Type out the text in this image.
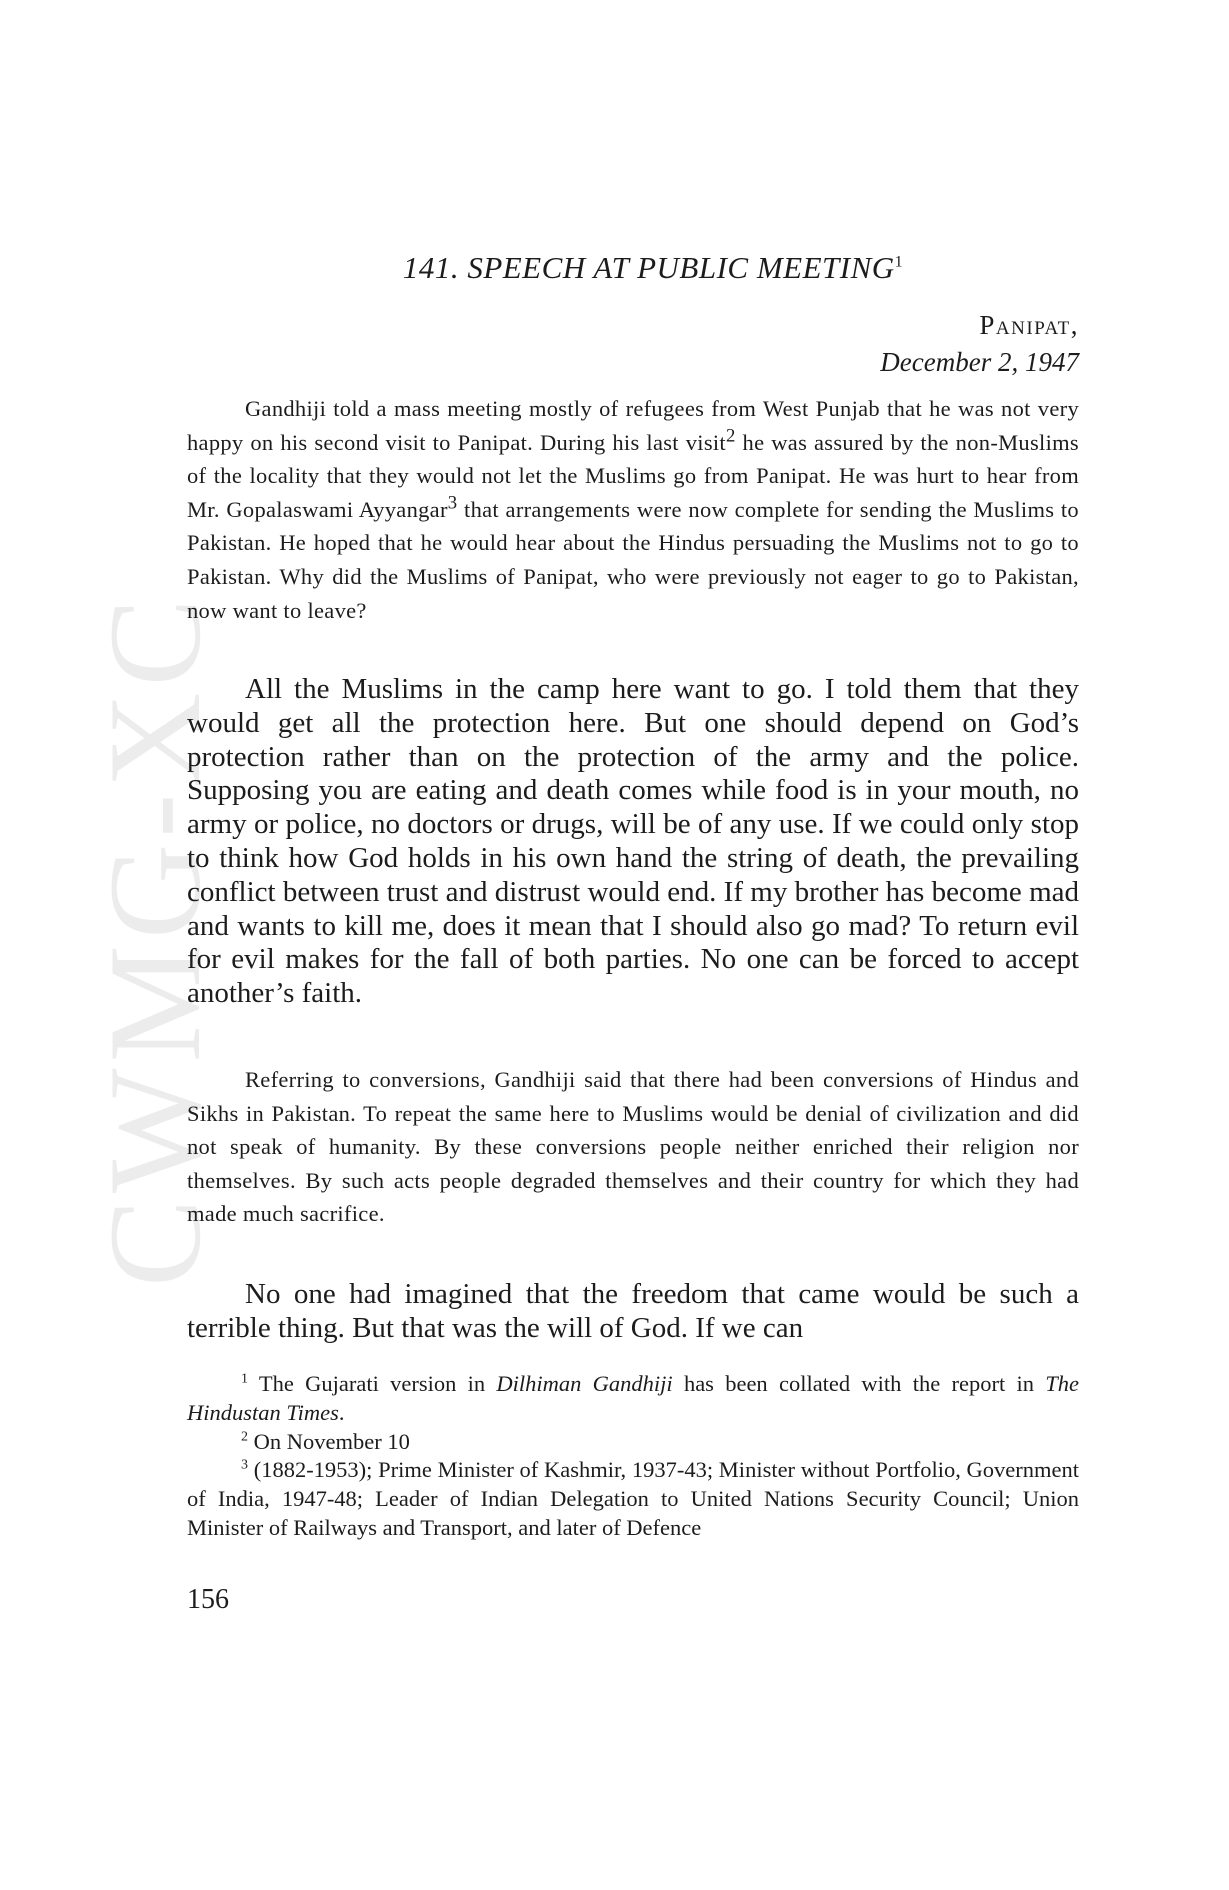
CWMG-XC
141. SPEECH AT PUBLIC MEETING$^1$
Panipat,
December 2, 1947

Gandhiji told a mass meeting mostly of refugees from West Punjab that he was not very happy on his second visit to Panipat. During his last visit$^2$ he was assured by the non-Muslims of the locality that they would not let the Muslims go from Panipat. He was hurt to hear from Mr. Gopalaswami Ayyangar$^3$ that arrangements were now complete for sending the Muslims to Pakistan. He hoped that he would hear about the Hindus persuading the Muslims not to go to Pakistan. Why did the Muslims of Panipat, who were previously not eager to go to Pakistan, now want to leave?

All the Muslims in the camp here want to go. I told them that they would get all the protection here. But one should depend on God’s protection rather than on the protection of the army and the police. Supposing you are eating and death comes while food is in your mouth, no army or police, no doctors or drugs, will be of any use. If we could only stop to think how God holds in his own hand the string of death, the prevailing conflict between trust and distrust would end. If my brother has become mad and wants to kill me, does it mean that I should also go mad? To return evil for evil makes for the fall of both parties. No one can be forced to accept another’s faith.

Referring to conversions, Gandhiji said that there had been conversions of Hindus and Sikhs in Pakistan. To repeat the same here to Muslims would be denial of civilization and did not speak of humanity. By these conversions people neither enriched their religion nor themselves. By such acts people degraded themselves and their country for which they had made much sacrifice.

No one had imagined that the freedom that came would be such a terrible thing. But that was the will of God. If we can

$^1$ The Gujarati version in Dilhiman Gandhiji has been collated with the report in The Hindustan Times.

$^2$ On November 10

$^3$ (1882-1953); Prime Minister of Kashmir, 1937-43; Minister without Portfolio, Government of India, 1947-48; Leader of Indian Delegation to United Nations Security Council; Union Minister of Railways and Transport, and later of Defence

156
